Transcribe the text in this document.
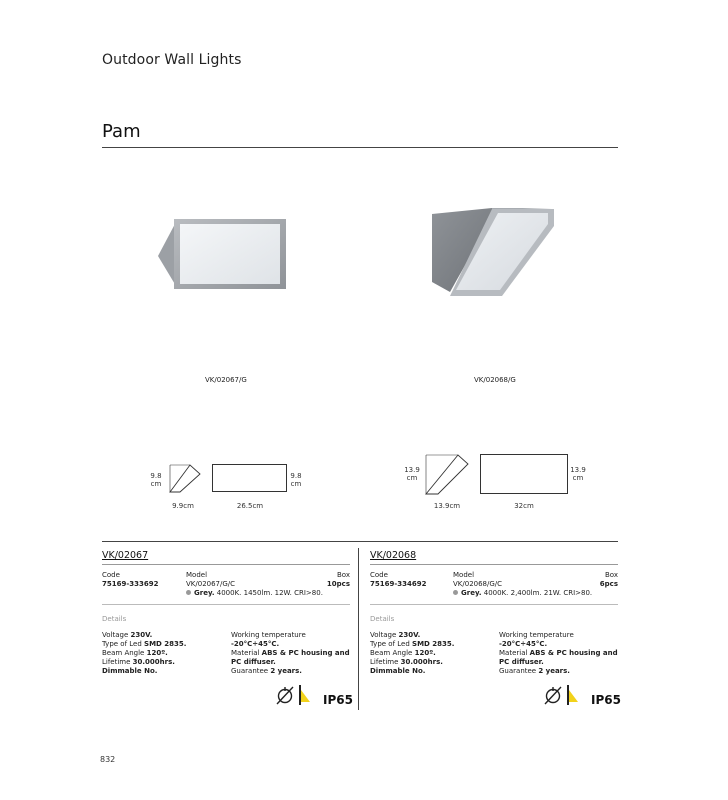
Outdoor Wall Lights
Pam
VK/02067/G	VK/02068/G
9.8
cm
9.9cm	26.5cm
9.8
cm
13.9
cm
13.9cm	32cm
13.9
cm
VK/02067
Code
75169-333692
Model
VK/02067/G/C
Grey. 4000K. 1450lm. 12W. CRI>80.
Box
10pcs
Details
Voltage 230V.
Type of Led SMD 2835.
Beam Angle 120º.
Lifetime 30.000hrs.
Dimmable No.
Working temperature -20°C÷45°C.
Material ABS & PC housing and PC diffuser.
Guarantee 2 years.
IP65
VK/02068
Code
75169-334692
Model
VK/02068/G/C
Grey. 4000K. 2,400lm. 21W. CRI>80.
Box
6pcs
Details
Voltage 230V.
Type of Led SMD 2835.
Beam Angle 120º.
Lifetime 30.000hrs.
Dimmable No.
Working temperature -20°C÷45°C.
Material ABS & PC housing and PC diffuser.
Guarantee 2 years.
IP65
832
